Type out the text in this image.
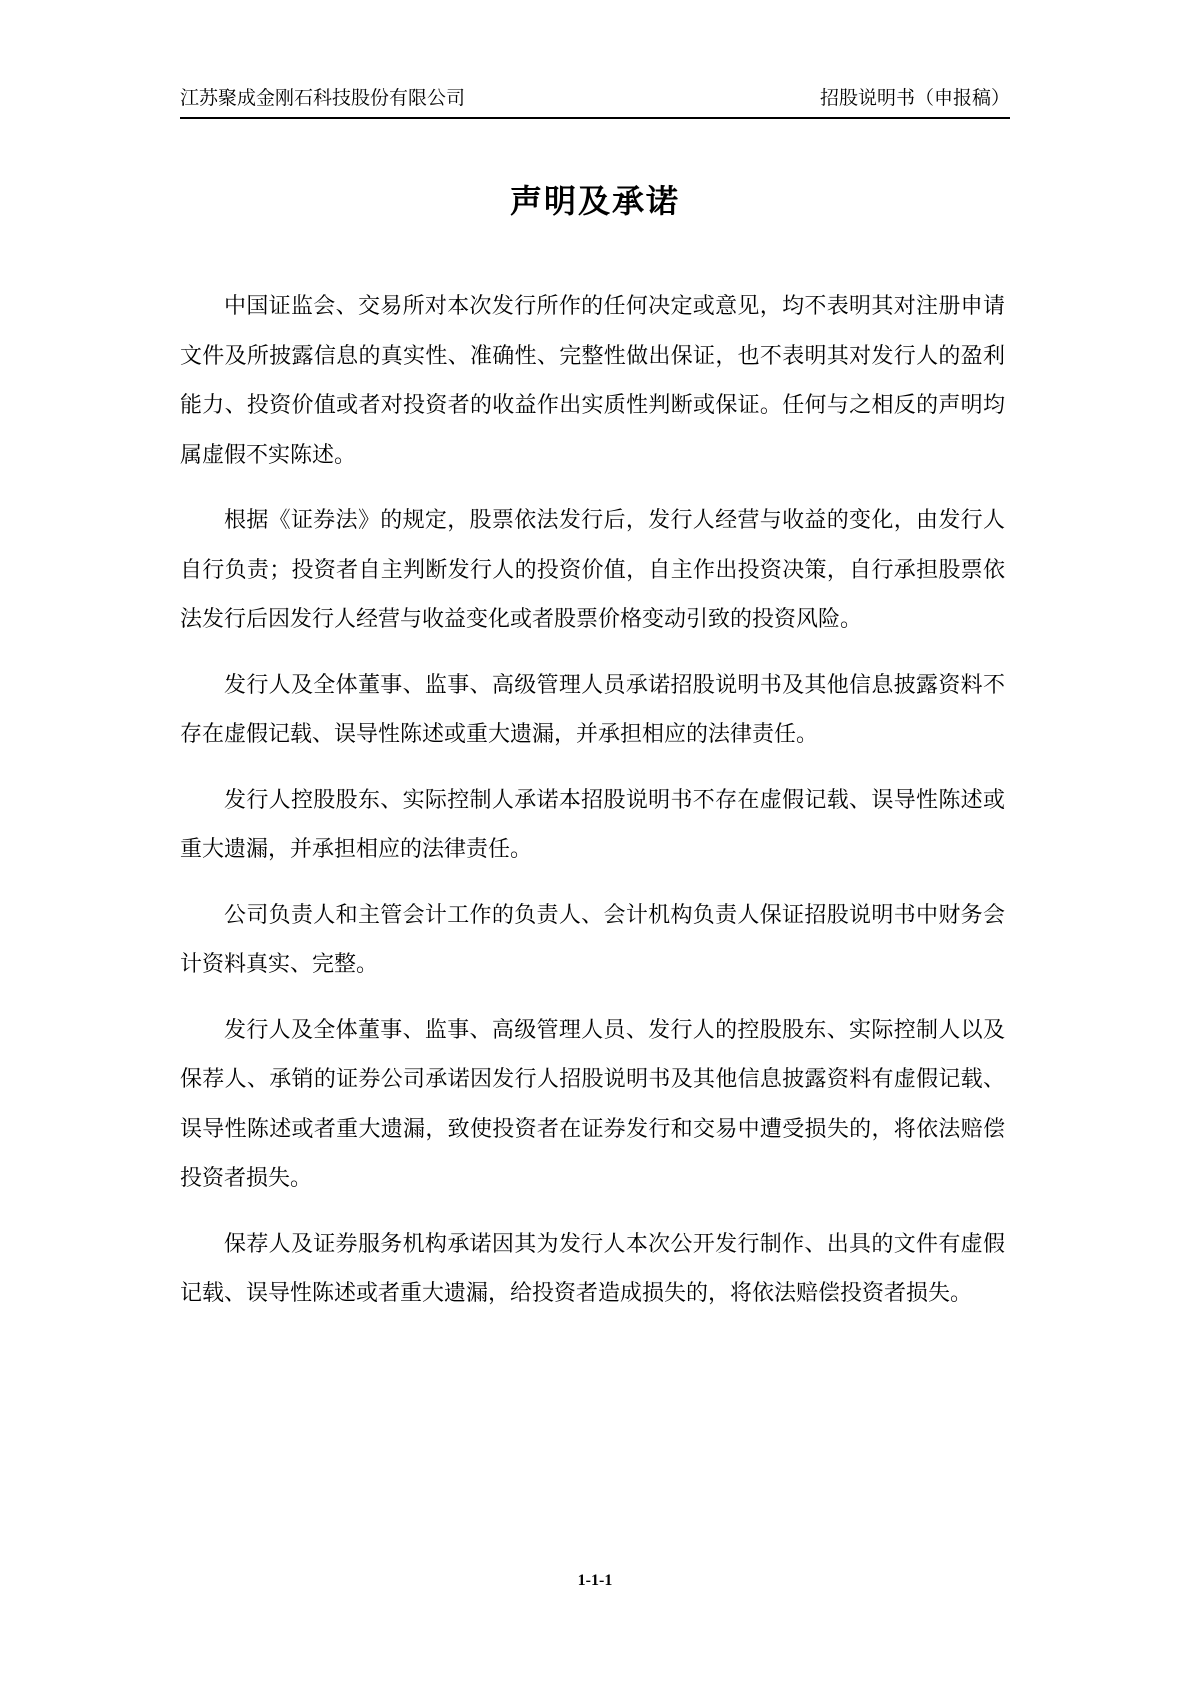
江苏聚成金刚石科技股份有限公司	招股说明书（申报稿）
声明及承诺

中国证监会、交易所对本次发行所作的任何决定或意见，均不表明其对注册申请文件及所披露信息的真实性、准确性、完整性做出保证，也不表明其对发行人的盈利能力、投资价值或者对投资者的收益作出实质性判断或保证。任何与之相反的声明均属虚假不实陈述。

根据《证券法》的规定，股票依法发行后，发行人经营与收益的变化，由发行人自行负责；投资者自主判断发行人的投资价值，自主作出投资决策，自行承担股票依法发行后因发行人经营与收益变化或者股票价格变动引致的投资风险。

发行人及全体董事、监事、高级管理人员承诺招股说明书及其他信息披露资料不存在虚假记载、误导性陈述或重大遗漏，并承担相应的法律责任。

发行人控股股东、实际控制人承诺本招股说明书不存在虚假记载、误导性陈述或重大遗漏，并承担相应的法律责任。

公司负责人和主管会计工作的负责人、会计机构负责人保证招股说明书中财务会计资料真实、完整。

发行人及全体董事、监事、高级管理人员、发行人的控股股东、实际控制人以及保荐人、承销的证券公司承诺因发行人招股说明书及其他信息披露资料有虚假记载、误导性陈述或者重大遗漏，致使投资者在证券发行和交易中遭受损失的，将依法赔偿投资者损失。

保荐人及证券服务机构承诺因其为发行人本次公开发行制作、出具的文件有虚假记载、误导性陈述或者重大遗漏，给投资者造成损失的，将依法赔偿投资者损失。

1-1-1
